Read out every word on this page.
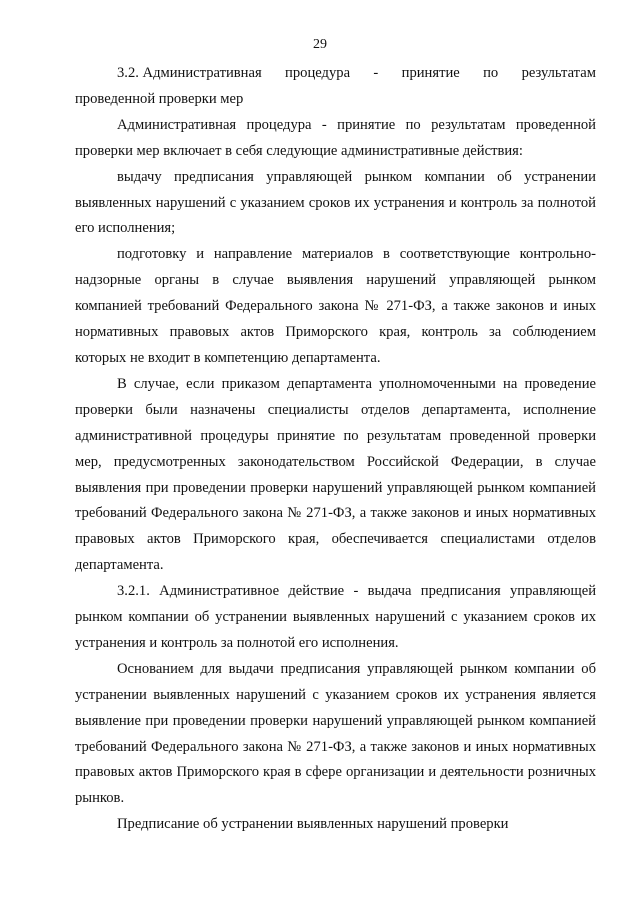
29
3.2. Административная процедура - принятие по результатам
проведенной проверки мер

Административная процедура - принятие по результатам проведенной проверки мер включает в себя следующие административные действия:

выдачу предписания управляющей рынком компании об устранении выявленных нарушений с указанием сроков их устранения и контроль за полнотой его исполнения;

подготовку и направление материалов в соответствующие контрольно-надзорные органы в случае выявления нарушений управляющей рынком компанией требований Федерального закона № 271-ФЗ, а также законов и иных нормативных правовых актов Приморского края, контроль за соблюдением которых не входит в компетенцию департамента.

В случае, если приказом департамента уполномоченными на проведение проверки были назначены специалисты отделов департамента, исполнение административной процедуры принятие по результатам проведенной проверки мер, предусмотренных законодательством Российской Федерации, в случае выявления при проведении проверки нарушений управляющей рынком компанией требований Федерального закона № 271-ФЗ, а также законов и иных нормативных правовых актов Приморского края, обеспечивается специалистами отделов департамента.

3.2.1. Административное действие - выдача предписания управляющей рынком компании об устранении выявленных нарушений с указанием сроков их устранения и контроль за полнотой его исполнения.

Основанием для выдачи предписания управляющей рынком компании об устранении выявленных нарушений с указанием сроков их устранения является выявление при проведении проверки нарушений управляющей рынком компанией требований Федерального закона № 271-ФЗ, а также законов и иных нормативных правовых актов Приморского края в сфере организации и деятельности розничных рынков.

Предписание об устранении выявленных нарушений проверки
